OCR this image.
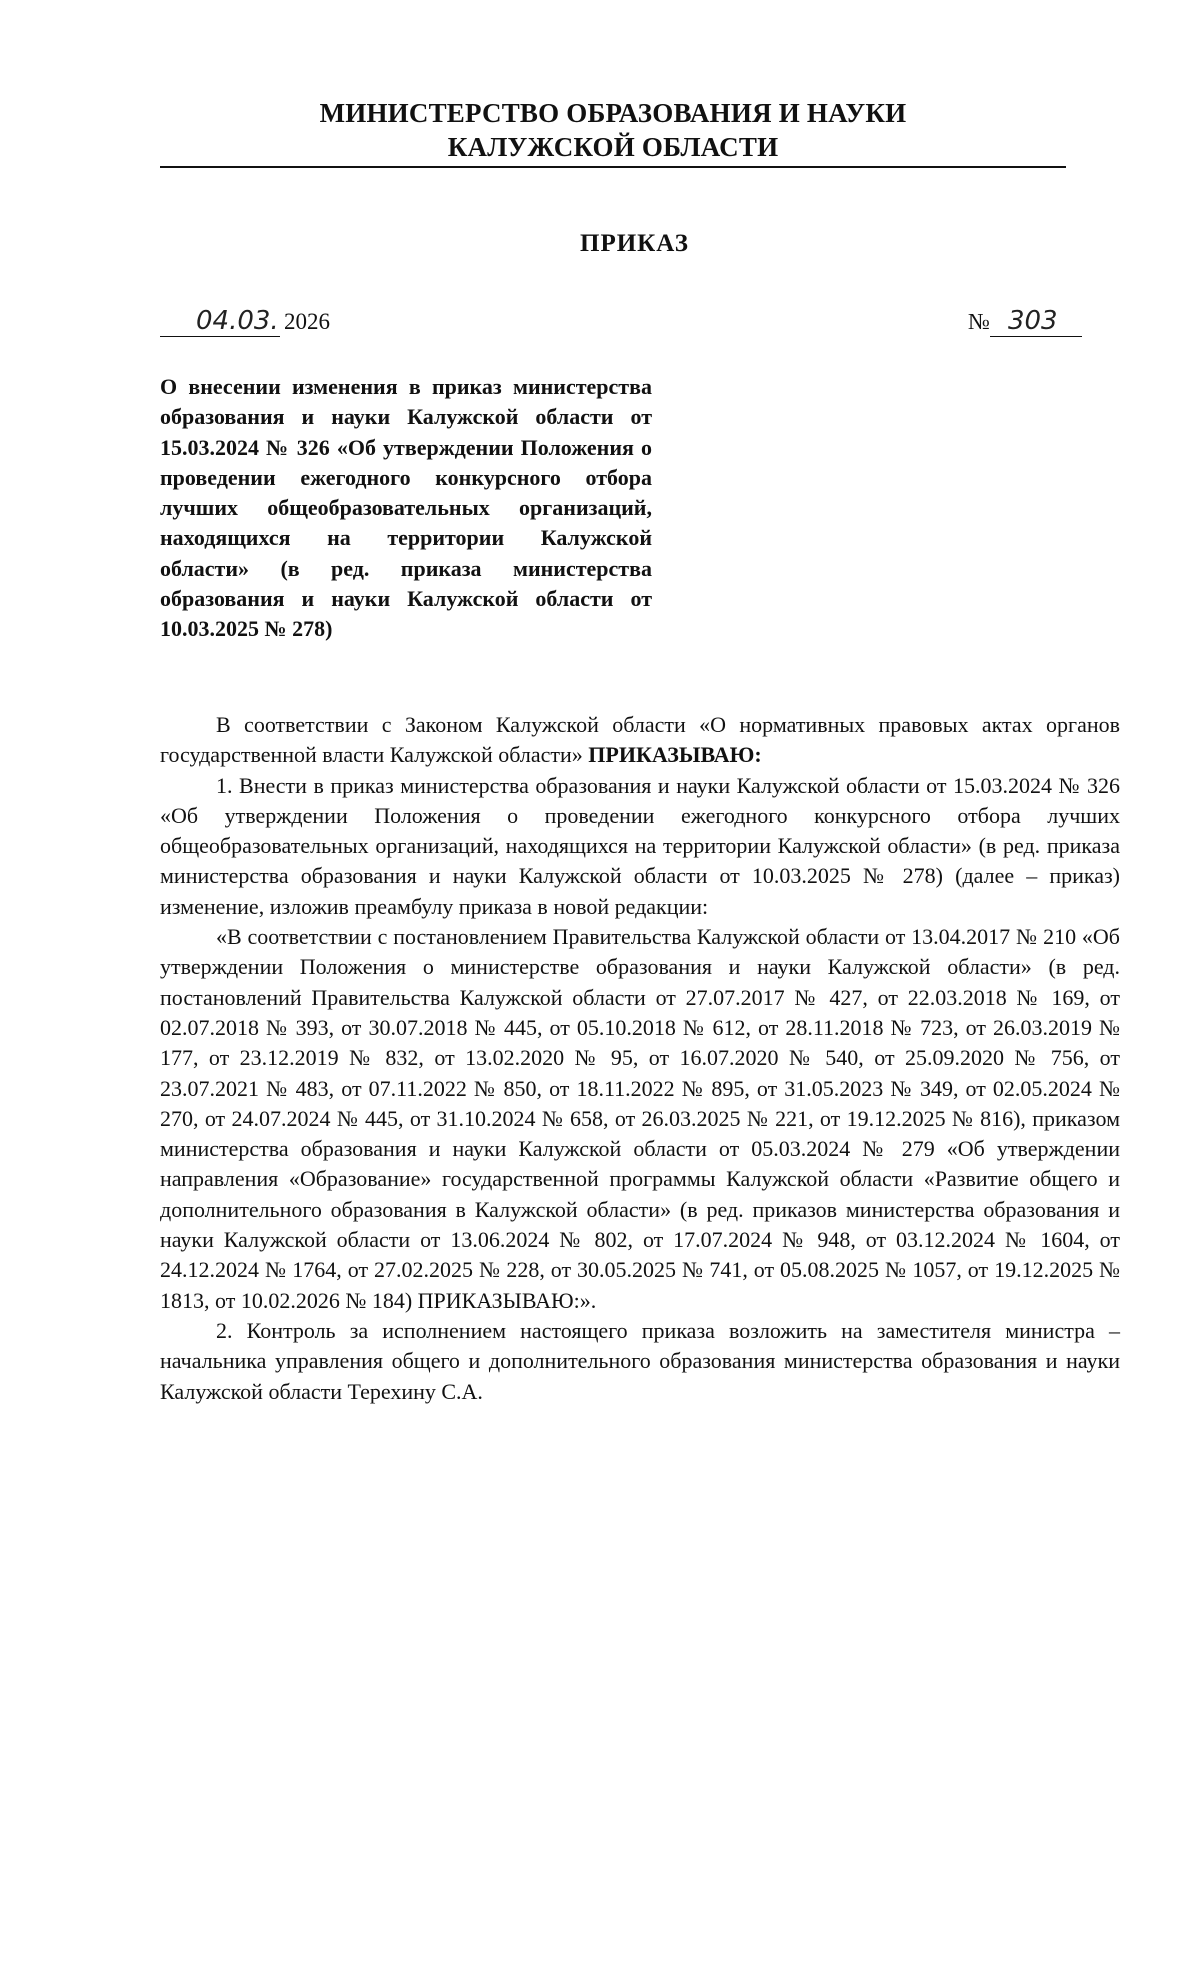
МИНИСТЕРСТВО ОБРАЗОВАНИЯ И НАУКИ
КАЛУЖСКОЙ ОБЛАСТИ
ПРИКАЗ
04.03. 2026	№ 303
О внесении изменения в приказ министерства образования и науки Калужской области от 15.03.2024 № 326 «Об утверждении Положения о проведении ежегодного конкурсного отбора лучших общеобразовательных организаций, находящихся на территории Калужской области» (в ред. приказа министерства образования и науки Калужской области от 10.03.2025 № 278)

В соответствии с Законом Калужской области «О нормативных правовых актах органов государственной власти Калужской области» ПРИКАЗЫВАЮ:

1. Внести в приказ министерства образования и науки Калужской области от 15.03.2024 № 326 «Об утверждении Положения о проведении ежегодного конкурсного отбора лучших общеобразовательных организаций, находящихся на территории Калужской области» (в ред. приказа министерства образования и науки Калужской области от 10.03.2025 № 278) (далее – приказ) изменение, изложив преамбулу приказа в новой редакции:

«В соответствии с постановлением Правительства Калужской области от 13.04.2017 № 210 «Об утверждении Положения о министерстве образования и науки Калужской области» (в ред. постановлений Правительства Калужской области от 27.07.2017 № 427, от 22.03.2018 № 169, от 02.07.2018 № 393, от 30.07.2018 № 445, от 05.10.2018 № 612, от 28.11.2018 № 723, от 26.03.2019 № 177, от 23.12.2019 № 832, от 13.02.2020 № 95, от 16.07.2020 № 540, от 25.09.2020 № 756, от 23.07.2021 № 483, от 07.11.2022 № 850, от 18.11.2022 № 895, от 31.05.2023 № 349, от 02.05.2024 № 270, от 24.07.2024 № 445, от 31.10.2024 № 658, от 26.03.2025 № 221, от 19.12.2025 № 816), приказом министерства образования и науки Калужской области от 05.03.2024 № 279 «Об утверждении направления «Образование» государственной программы Калужской области «Развитие общего и дополнительного образования в Калужской области» (в ред. приказов министерства образования и науки Калужской области от 13.06.2024 № 802, от 17.07.2024 № 948, от 03.12.2024 № 1604, от 24.12.2024 № 1764, от 27.02.2025 № 228, от 30.05.2025 № 741, от 05.08.2025 № 1057, от 19.12.2025 № 1813, от 10.02.2026 № 184) ПРИКАЗЫВАЮ:».

2. Контроль за исполнением настоящего приказа возложить на заместителя министра – начальника управления общего и дополнительного образования министерства образования и науки Калужской области Терехину С.А.
